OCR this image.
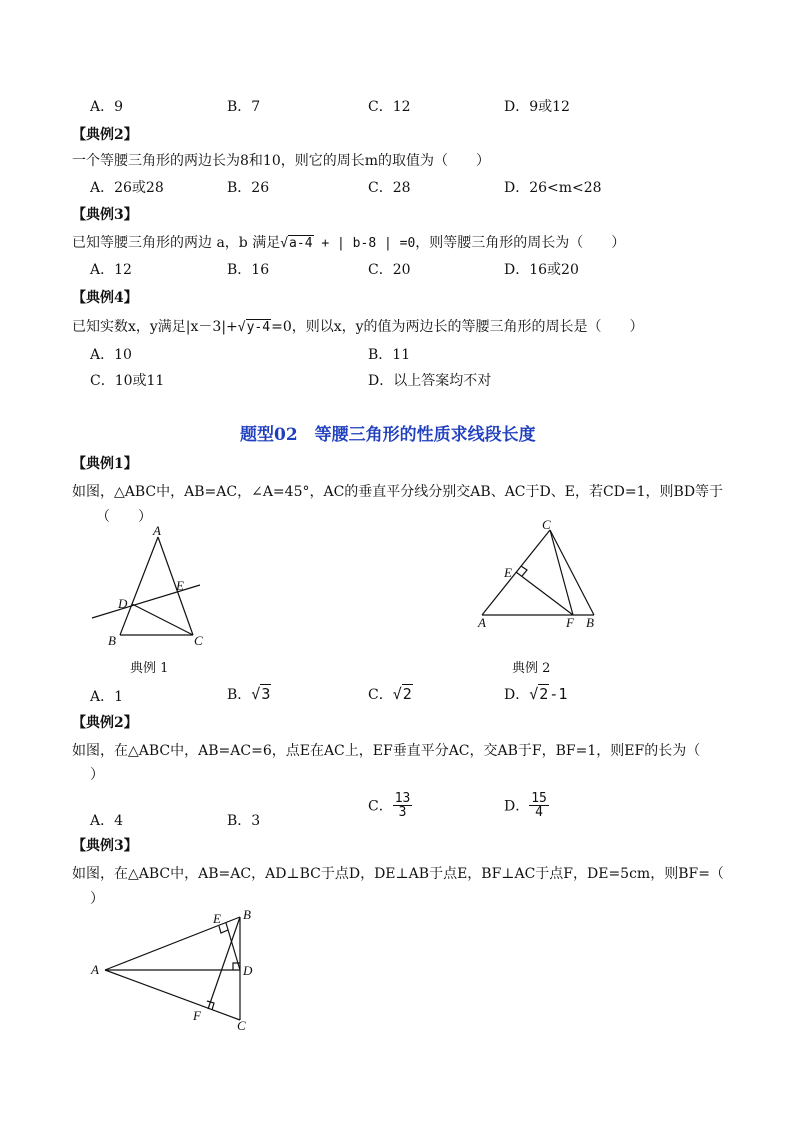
A．9	B．7	C．12	D．9或12
【典例2】
一个等腰三角形的两边长为8和10，则它的周长m的取值为（　　）
A．26或28	B．26	C．28	D．26<m<28
【典例3】
已知等腰三角形的两边 a，b 满足√a-4 + | b-8 | =0，则等腰三角形的周长为（　　）
A．12	B．16	C．20	D．16或20
【典例4】
已知实数x，y满足|x－3|+√y-4=0，则以x，y的值为两边长的等腰三角形的周长是（　　）
A．10	B．11
C．10或11	D．以上答案均不对
题型02　等腰三角形的性质求线段长度
【典例1】
如图，△ABC中，AB=AC，∠A=45°，AC的垂直平分线分别交AB、AC于D、E，若CD=1，则BD等于
（　　）
A
E
D
B	C
典例 1
C
E
A	F B
典例 2
A．1	B．√3	C．√2	D．√2-1
【典例2】
如图，在△ABC中，AB=AC=6，点E在AC上，EF垂直平分AC，交AB于F，BF=1，则EF的长为（
）
A．4	B．3
C． $\frac{13}{3}$	D． $\frac{15}{4}$
【典例3】
如图，在△ABC中，AB=AC，AD⊥BC于点D，DE⊥AB于点E，BF⊥AC于点F，DE=5cm，则BF=（
）
E B
A	D
F
C
